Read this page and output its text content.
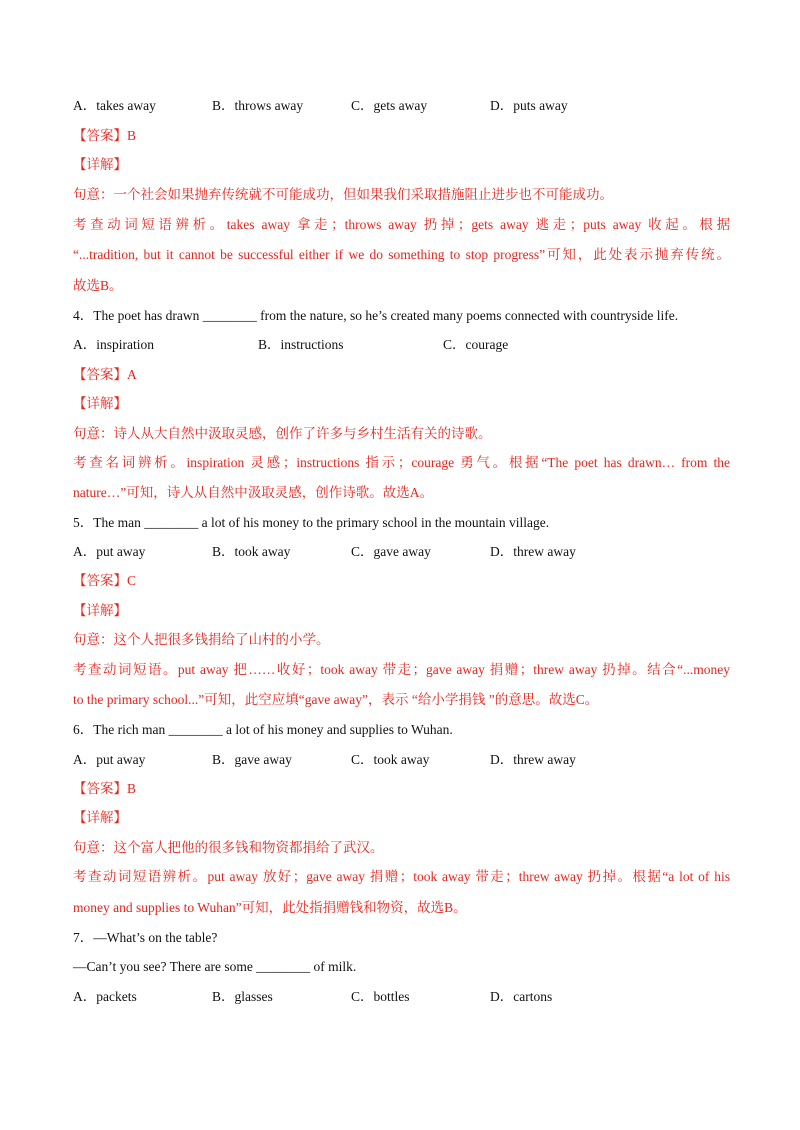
A．takes away	B．throws away	C．gets away	D．puts away
【答案】B
【详解】
句意：一个社会如果抛弃传统就不可能成功，但如果我们采取措施阻止进步也不可能成功。
考查动词短语辨析。takes away 拿走；throws away 扔掉；gets away 逃走；puts away 收起。根据
“...tradition, but it cannot be successful either if we do something to stop progress”可知，此处表示抛弃传统。
故选B。
4．The poet has drawn ________ from the nature, so he’s created many poems connected with countryside life.
A．inspiration	B．instructions	C．courage
【答案】A
【详解】
句意：诗人从大自然中汲取灵感，创作了许多与乡村生活有关的诗歌。
考查名词辨析。inspiration 灵感；instructions 指示；courage 勇气。根据“The poet has drawn… from the
nature…”可知，诗人从自然中汲取灵感，创作诗歌。故选A。
5．The man ________ a lot of his money to the primary school in the mountain village.
A．put away	B．took away	C．gave away	D．threw away
【答案】C
【详解】
句意：这个人把很多钱捐给了山村的小学。
考查动词短语。put away 把……收好；took away 带走；gave away 捐赠；threw away 扔掉。结合“...money
to the primary school...”可知，此空应填“gave away”，表示 “给小学捐钱 ”的意思。故选C。
6．The rich man ________ a lot of his money and supplies to Wuhan.
A．put away	B．gave away	C．took away	D．threw away
【答案】B
【详解】
句意：这个富人把他的很多钱和物资都捐给了武汉。
考查动词短语辨析。put away 放好；gave away 捐赠；took away 带走；threw away 扔掉。根据“a lot of his
money and supplies to Wuhan”可知，此处指捐赠钱和物资，故选B。
7．—What’s on the table?
—Can’t you see? There are some ________ of milk.
A．packets	B．glasses	C．bottles	D．cartons
